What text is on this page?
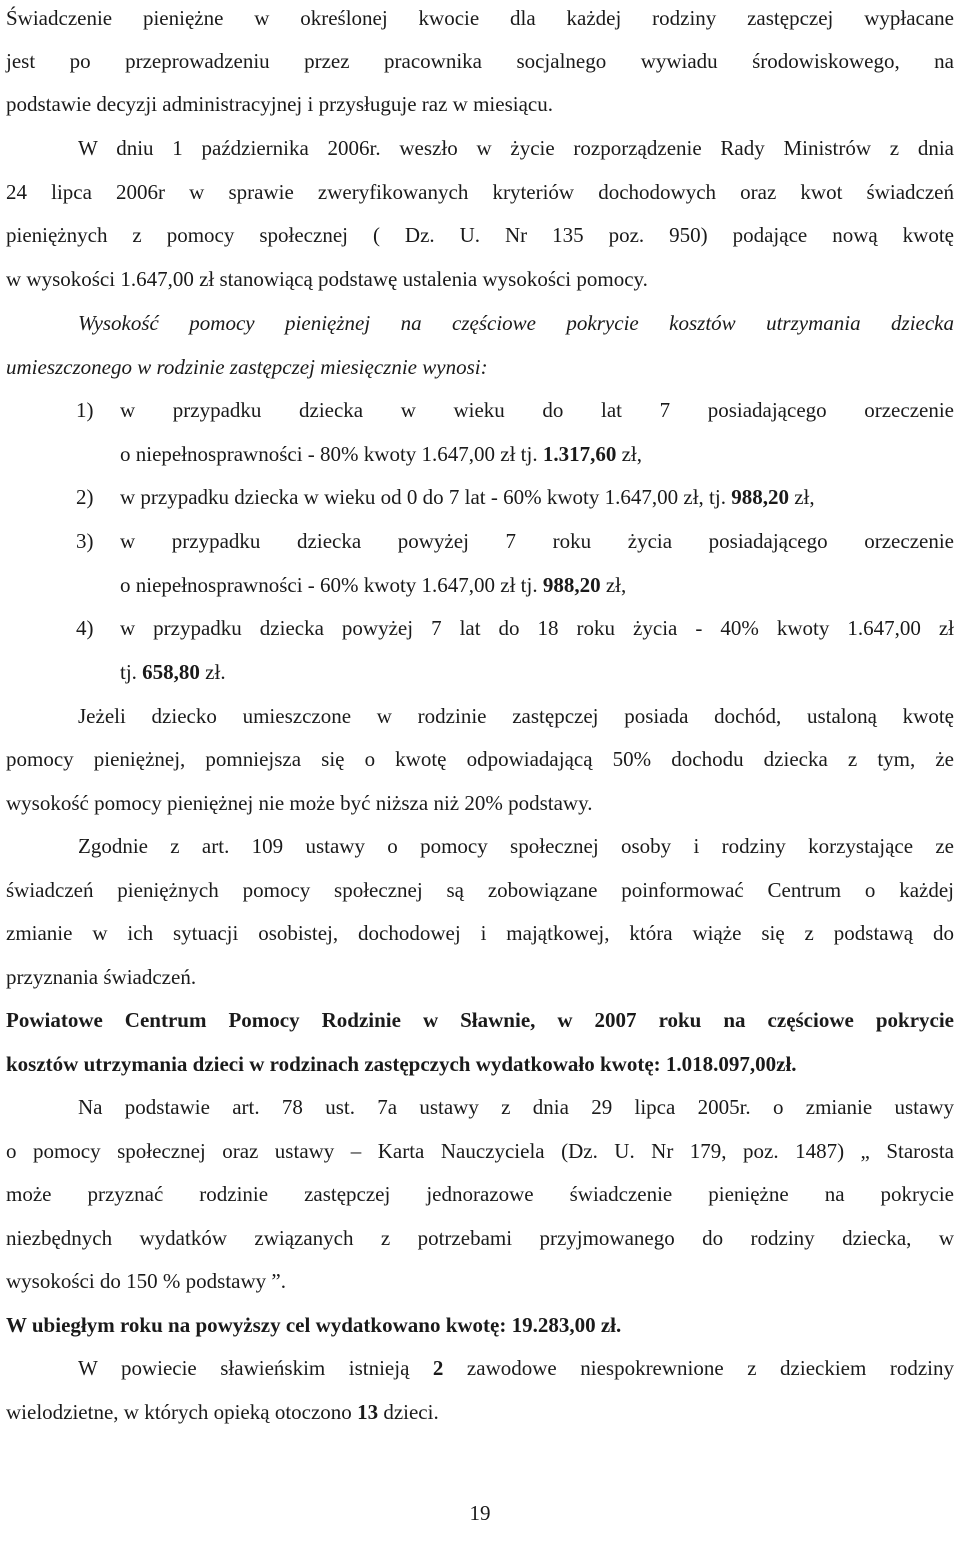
Świadczenie pieniężne w określonej kwocie dla każdej rodziny zastępczej wypłacane
jest po przeprowadzeniu przez pracownika socjalnego wywiadu środowiskowego, na
podstawie decyzji administracyjnej i przysługuje raz w miesiącu.
W dniu 1 października 2006r. weszło w życie rozporządzenie Rady Ministrów z dnia
24 lipca 2006r w sprawie zweryfikowanych kryteriów dochodowych oraz kwot świadczeń
pieniężnych z pomocy społecznej ( Dz. U. Nr 135 poz. 950) podające nową kwotę
w wysokości 1.647,00 zł stanowiącą podstawę ustalenia wysokości pomocy.
Wysokość pomocy pieniężnej na częściowe pokrycie kosztów utrzymania dziecka
umieszczonego w rodzinie zastępczej miesięcznie wynosi:
1)	w przypadku dziecka w wieku do lat 7 posiadającego orzeczenie
o niepełnosprawności - 80% kwoty 1.647,00 zł tj. 1.317,60 zł,
2)	w przypadku dziecka w wieku od 0 do 7 lat - 60% kwoty 1.647,00 zł, tj. 988,20 zł,
3)	w przypadku dziecka powyżej 7 roku życia posiadającego orzeczenie
o niepełnosprawności - 60% kwoty 1.647,00 zł tj. 988,20 zł,
4)	w przypadku dziecka powyżej 7 lat do 18 roku życia - 40% kwoty 1.647,00 zł
tj. 658,80 zł.
Jeżeli dziecko umieszczone w rodzinie zastępczej posiada dochód, ustaloną kwotę
pomocy pieniężnej, pomniejsza się o kwotę odpowiadającą 50% dochodu dziecka z tym, że
wysokość pomocy pieniężnej nie może być niższa niż 20% podstawy.
Zgodnie z art. 109 ustawy o pomocy społecznej osoby i rodziny korzystające ze
świadczeń pieniężnych pomocy społecznej są zobowiązane poinformować Centrum o każdej
zmianie w ich sytuacji osobistej, dochodowej i majątkowej, która wiąże się z podstawą do
przyznania świadczeń.
Powiatowe Centrum Pomocy Rodzinie w Sławnie, w 2007 roku na częściowe pokrycie
kosztów utrzymania dzieci w rodzinach zastępczych wydatkowało kwotę: 1.018.097,00zł.
Na podstawie art. 78 ust. 7a ustawy z dnia 29 lipca 2005r. o zmianie ustawy
o pomocy społecznej oraz ustawy – Karta Nauczyciela (Dz. U. Nr 179, poz. 1487) „ Starosta
może przyznać rodzinie zastępczej jednorazowe świadczenie pieniężne na pokrycie
niezbędnych wydatków związanych z potrzebami przyjmowanego do rodziny dziecka, w
wysokości do 150 % podstawy ”.
W ubiegłym roku na powyższy cel wydatkowano kwotę: 19.283,00 zł.
W powiecie sławieńskim istnieją 2 zawodowe niespokrewnione z dzieckiem rodziny
wielodzietne, w których opieką otoczono 13 dzieci.
19
